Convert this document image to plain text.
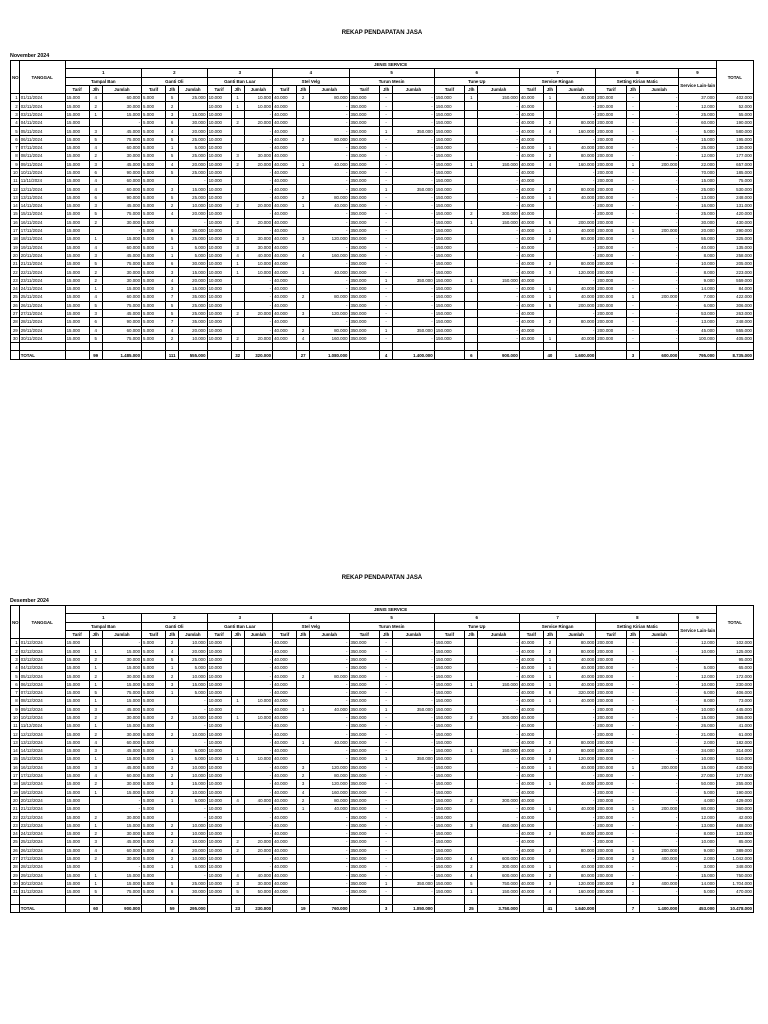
REKAP PENDAPATAN JASA
November 2024
NO	TANGGAL	JENIS SERVICE																									TOTAL
		1			2			3			4			5			6			7			8			9	
		Tampal Ban			Ganti Oli			Ganti Ban Luar			Stel Velg			Turun Mesin			Tune Up			Service Ringan			Setting Kirian Matic			Service Lain-lain	
		Tarif	Jlh	Jumlah	Tarif	Jlh	Jumlah	Tarif	Jlh	Jumlah	Tarif	Jlh	Jumlah	Tarif	Jlh	Jumlah	Tarif	Jlh	Jumlah	Tarif	Jlh	Jumlah	Tarif	Jlh	Jumlah		
1	01/11/2024	15.000	4	60.000	5.000	5	25.000	10.000	1	10.000	40.000	2	80.000	350.000	-	-	150.000	1	150.000	40.000	1	40.000	200.000	-	-	37.000	402.000
2	02/11/2024	15.000	2	30.000	5.000	2		10.000	1	10.000	40.000		-	350.000	-	-	150.000		-	40.000		-	200.000	-	-	12.000	52.000
3	03/11/2024	15.000	1	15.000	5.000	3	15.000	10.000		-	40.000		-	350.000	-	-	150.000		-	40.000		-	200.000	-	-	25.000	55.000
4	04/11/2024	15.000		-	5.000	6	30.000	10.000	2	20.000	40.000		-	350.000	-	-	150.000		-	40.000	2	80.000	200.000	-	-	60.000	190.000
5	05/11/2024	15.000	3	45.000	5.000	4	20.000	10.000		-	40.000		-	350.000	1	350.000	150.000		-	40.000	4	160.000	200.000	-	-	5.000	580.000
6	06/11/2024	15.000	5	75.000	5.000	5	25.000	10.000		-	40.000	2	80.000	350.000	-	-	150.000		-	40.000		-	200.000	-	-	15.000	195.000
7	07/11/2024	15.000	4	60.000	5.000	1	5.000	10.000		-	40.000		-	350.000	-	-	150.000		-	40.000	1	40.000	200.000	-	-	25.000	130.000
8	08/11/2024	15.000	2	30.000	5.000	5	25.000	10.000	3	30.000	40.000		-	350.000	-	-	150.000		-	40.000	2	80.000	200.000	-	-	12.000	177.000
9	09/11/2024	15.000	3	45.000	5.000	4	20.000	10.000	2	20.000	40.000	1	40.000	350.000	-	-	150.000	1	150.000	40.000	4	160.000	200.000	1	200.000	22.000	657.000
10	10/11/2024	15.000	6	90.000	5.000	5	25.000	10.000		-	40.000		-	350.000	-	-	150.000		-	40.000		-	200.000	-	-	70.000	185.000
11	11/11/2024	15.000	4	60.000	5.000		-	10.000		-	40.000		-	350.000	-	-	150.000		-	40.000		-	200.000	-	-	15.000	75.000
12	12/11/2024	15.000	4	60.000	5.000	3	15.000	10.000		-	40.000		-	350.000	1	350.000	150.000		-	40.000	2	80.000	200.000	-	-	25.000	530.000
13	13/11/2024	15.000	6	90.000	5.000	5	25.000	10.000		-	40.000	2	80.000	350.000	-	-	150.000		-	40.000	1	40.000	200.000	-	-	13.000	248.000
14	14/11/2024	15.000	3	45.000	5.000	2	10.000	10.000	2	20.000	40.000	1	40.000	350.000	-	-	150.000		-	40.000		-	200.000	-	-	16.000	131.000
15	15/11/2024	15.000	5	75.000	5.000	4	20.000	10.000		-	40.000		-	350.000	-	-	150.000	2	300.000	40.000		-	200.000	-	-	25.000	420.000
16	16/11/2024	15.000	2	30.000	5.000		-	10.000	2	20.000	40.000		-	350.000	-	-	150.000	1	150.000	40.000	5	200.000	200.000	-	-	30.000	430.000
17	17/11/2024	15.000		-	5.000	6	30.000	10.000		-	40.000		-	350.000	-	-	150.000		-	40.000	1	40.000	200.000	1	200.000	20.000	290.000
18	18/11/2024	15.000	1	15.000	5.000	5	25.000	10.000	3	30.000	40.000	3	120.000	350.000	-	-	150.000		-	40.000	2	80.000	200.000	-	-	55.000	325.000
19	19/11/2024	15.000	4	60.000	5.000	1	5.000	10.000	3	30.000	40.000		-	350.000	-	-	150.000		-	40.000		-	200.000	-	-	40.000	135.000
20	20/11/2024	15.000	3	45.000	5.000	1	5.000	10.000	4	40.000	40.000	4	160.000	350.000	-	-	150.000		-	40.000		-	200.000	-	-	8.000	258.000
21	21/11/2024	15.000	5	75.000	5.000	6	30.000	10.000	1	10.000	40.000		-	350.000	-	-	150.000		-	40.000	2	80.000	200.000	-	-	10.000	205.000
22	22/11/2024	15.000	2	30.000	5.000	3	15.000	10.000	1	10.000	40.000	1	40.000	350.000	-	-	150.000		-	40.000	3	120.000	200.000	-	-	8.000	223.000
23	23/11/2024	15.000	2	30.000	5.000	4	20.000	10.000		-	40.000		-	350.000	1	350.000	150.000	1	150.000	40.000		-	200.000	-	-	9.000	559.000
24	24/11/2024	15.000	1	15.000	5.000	3	15.000	10.000		-	40.000		-	350.000	-	-	150.000		-	40.000	1	40.000	200.000	-	-	14.000	84.000
25	25/11/2024	15.000	4	60.000	5.000	7	35.000	10.000		-	40.000	2	80.000	350.000	-	-	150.000		-	40.000	1	40.000	200.000	1	200.000	7.000	422.000
26	26/11/2024	15.000	5	75.000	5.000	5	25.000	10.000		-	40.000		-	350.000	-	-	150.000		-	40.000	5	200.000	200.000	-	-	6.000	306.000
27	27/11/2024	15.000	3	45.000	5.000	5	25.000	10.000	2	20.000	40.000	3	120.000	350.000	-	-	150.000		-	40.000		-	200.000	-	-	53.000	263.000
28	28/11/2024	15.000	6	90.000	5.000	7	35.000	10.000		-	40.000		-	350.000	-	-	150.000		-	40.000	2	80.000	200.000	-	-	13.000	248.000
29	29/11/2024	15.000	4	60.000	5.000	4	20.000	10.000		-	40.000	2	80.000	350.000	1	350.000	150.000		-	40.000		-	200.000	-	-	45.000	555.000
30	30/11/2024	15.000	5	75.000	5.000	2	10.000	10.000	2	20.000	40.000	4	160.000	350.000	-	-	150.000		-	40.000	1	40.000	200.000	-	-	100.000	405.000

	TOTAL		99	1.485.000		111	555.000		32	320.000		27	1.080.000		4	1.400.000		6	900.000		40	1.600.000		3	600.000	795.000	8.735.000
REKAP PENDAPATAN JASA
Desember 2024
NO	TANGGAL	JENIS SERVICE																									TOTAL
		1			2			3			4			5			6			7			8			9	
		Tampal Ban			Ganti Oli			Ganti Ban Luar			Stel Velg			Turun Mesin			Tune Up			Service Ringan			Setting Kirian Matic			Service Lain-lain	
		Tarif	Jlh	Jumlah	Tarif	Jlh	Jumlah	Tarif	Jlh	Jumlah	Tarif	Jlh	Jumlah	Tarif	Jlh	Jumlah	Tarif	Jlh	Jumlah	Tarif	Jlh	Jumlah	Tarif	Jlh	Jumlah		
1	01/12/2024	15.000		-	5.000	2	10.000	10.000		-	40.000		-	350.000	-	-	150.000		-	40.000	2	80.000	200.000	-	-	12.000	102.000
2	02/12/2024	15.000	1	15.000	5.000	4	20.000	10.000		-	40.000		-	350.000	-	-	150.000		-	40.000	2	80.000	200.000	-	-	10.000	125.000
3	03/12/2024	15.000	2	30.000	5.000	5	25.000	10.000		-	40.000		-	350.000	-	-	150.000		-	40.000	1	40.000	200.000	-	-		95.000
4	04/12/2024	15.000	1	15.000	5.000	1	5.000	10.000		-	40.000		-	350.000	-	-	150.000		-	40.000	1	40.000	200.000	-	-	5.000	65.000
5	05/12/2024	15.000	2	30.000	5.000	2	10.000	10.000		-	40.000	2	80.000	350.000	-	-	150.000		-	40.000	1	40.000	200.000	-	-	12.000	172.000
6	06/12/2024	15.000	1	15.000	5.000	3	15.000	10.000		-	40.000		-	350.000	-	-	150.000	1	150.000	40.000	1	40.000	200.000	-	-	10.000	230.000
7	07/12/2024	15.000	5	75.000	5.000	1	5.000	10.000		-	40.000		-	350.000	-	-	150.000		-	40.000	8	320.000	200.000	-	-	6.000	406.000
8	08/12/2024	15.000	1	15.000	5.000		-	10.000	1	10.000	40.000		-	350.000	-	-	150.000		-	40.000	1	40.000	200.000	-	-	8.000	73.000
9	09/12/2024	15.000	3	45.000	5.000		-	10.000		-	40.000	1	40.000	350.000	1	350.000	150.000		-	40.000		-	200.000	-	-	10.000	445.000
10	10/12/2024	15.000	2	30.000	5.000	2	10.000	10.000	1	10.000	40.000		-	350.000	-	-	150.000	2	300.000	40.000		-	200.000	-	-	15.000	365.000
11	11/12/2024	15.000	1	15.000	5.000		-	10.000		-	40.000		-	350.000	-	-	150.000		-	40.000		-	200.000	-	-	26.000	41.000
12	12/12/2024	15.000	2	30.000	5.000	2	10.000	10.000		-	40.000		-	350.000	-	-	150.000		-	40.000		-	200.000	-	-	21.000	61.000
13	13/12/2024	15.000	4	60.000	5.000		-	10.000		-	40.000	1	40.000	350.000	-	-	150.000		-	40.000	2	80.000	200.000	-	-	2.000	182.000
14	14/12/2024	15.000	3	45.000	5.000	1	5.000	10.000		-	40.000		-	350.000	-	-	150.000	1	150.000	40.000	2	80.000	200.000	-	-	34.000	314.000
15	15/12/2024	15.000	1	15.000	5.000	1	5.000	10.000	1	10.000	40.000		-	350.000	1	350.000	150.000		-	40.000	3	120.000	200.000	-	-	10.000	510.000
16	16/12/2024	15.000	3	45.000	5.000	2	10.000	10.000		-	40.000	3	120.000	350.000	-	-	150.000		-	40.000	1	40.000	200.000	1	200.000	15.000	430.000
17	17/12/2024	15.000	4	60.000	5.000	2	10.000	10.000		-	40.000	2	80.000	350.000	-	-	150.000		-	40.000		-	200.000	-	-	27.000	177.000
18	18/12/2024	15.000	2	30.000	5.000	3	15.000	10.000		-	40.000	3	120.000	350.000	-	-	150.000		-	40.000	1	40.000	200.000	-	-	50.000	255.000
19	19/12/2024	15.000	1	15.000	5.000	2	10.000	10.000		-	40.000	4	160.000	350.000	-	-	150.000		-	40.000		-	200.000	-	-	5.000	190.000
20	20/12/2024	15.000		-	5.000	1	5.000	10.000	4	40.000	40.000	2	80.000	350.000	-	-	150.000	2	300.000	40.000		-	200.000	-	-	4.000	429.000
21	21/12/2024	15.000		-	5.000		-	10.000		-	40.000	1	40.000	350.000	-	-	150.000		-	40.000	1	40.000	200.000	1	200.000	80.000	360.000
22	22/12/2024	15.000	2	30.000	5.000		-	10.000		-	40.000		-	350.000	-	-	150.000		-	40.000		-	200.000	-	-	12.000	42.000
23	23/12/2024	15.000	1	15.000	5.000	2	10.000	10.000		-	40.000		-	350.000	-	-	150.000	3	450.000	40.000		-	200.000	-	-	13.000	488.000
24	24/12/2024	15.000	2	30.000	5.000	2	10.000	10.000		-	40.000		-	350.000	-	-	150.000		-	40.000	2	80.000	200.000	-	-	8.000	133.000
25	25/12/2024	15.000	3	45.000	5.000	2	10.000	10.000	2	20.000	40.000		-	350.000	-	-	150.000		-	40.000		-	200.000	-	-	10.000	85.000
26	26/12/2024	15.000	4	60.000	5.000	4	20.000	10.000	2	20.000	40.000		-	350.000	-	-	150.000		-	40.000	2	80.000	200.000	1	200.000	9.000	389.000
27	27/12/2024	15.000	2	30.000	5.000	2	10.000	10.000		-	40.000		-	350.000	-	-	150.000	4	600.000	40.000		-	200.000	2	400.000	2.000	1.042.000
28	28/12/2024	15.000		-	5.000	1	5.000	10.000		-	40.000		-	350.000	-	-	150.000	2	300.000	40.000	1	40.000	200.000	-	-	3.000	348.000
29	29/12/2024	15.000	1	15.000	5.000		-	10.000	4	40.000	40.000		-	350.000	-	-	150.000	4	600.000	40.000	2	80.000	200.000	-	-	15.000	750.000
30	30/12/2024	15.000	1	15.000	5.000	5	25.000	10.000	3	30.000	40.000		-	350.000	1	350.000	150.000	5	750.000	40.000	3	120.000	200.000	2	400.000	14.000	1.704.000
31	31/12/2024	15.000	5	75.000	5.000	6	30.000	10.000	5	50.000	40.000		-	350.000	-	-	150.000	1	150.000	40.000	4	160.000	200.000	-	-	5.000	470.000

	TOTAL		60	900.000		59	295.000		23	230.000		19	760.000		3	1.050.000		25	3.750.000		41	1.640.000		7	1.400.000	453.000	10.478.000
